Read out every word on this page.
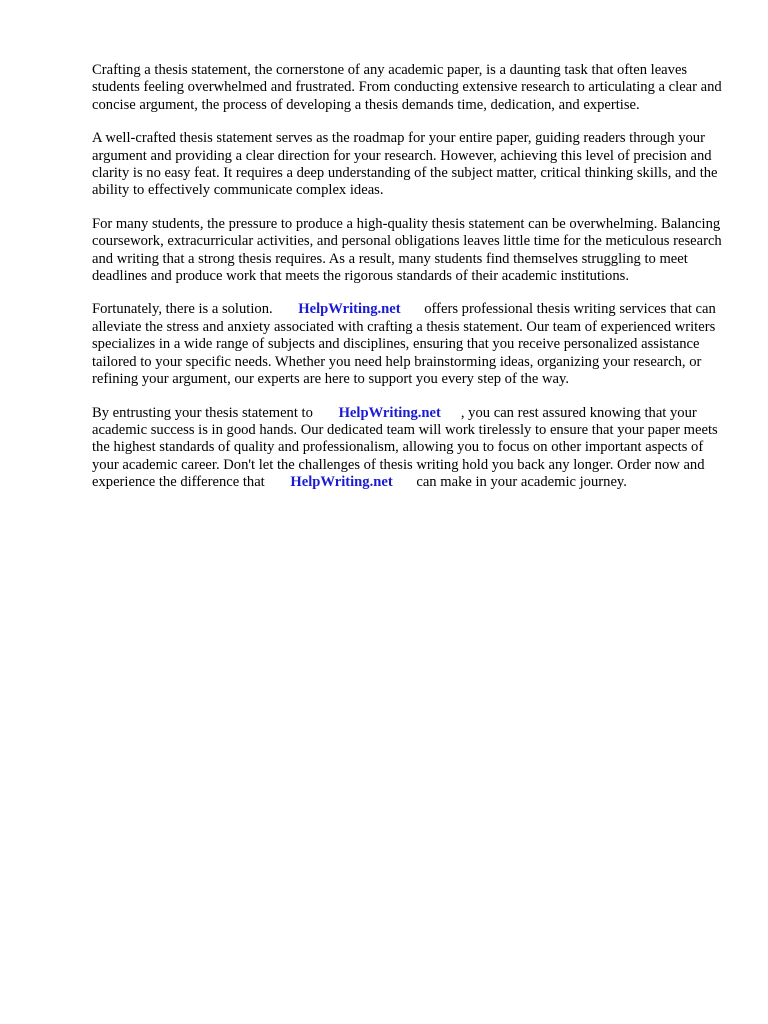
Crafting a thesis statement, the cornerstone of any academic paper, is a daunting task that often leaves students feeling overwhelmed and frustrated. From conducting extensive research to articulating a clear and concise argument, the process of developing a thesis demands time, dedication, and expertise.

A well-crafted thesis statement serves as the roadmap for your entire paper, guiding readers through your argument and providing a clear direction for your research. However, achieving this level of precision and clarity is no easy feat. It requires a deep understanding of the subject matter, critical thinking skills, and the ability to effectively communicate complex ideas.

For many students, the pressure to produce a high-quality thesis statement can be overwhelming. Balancing coursework, extracurricular activities, and personal obligations leaves little time for the meticulous research and writing that a strong thesis requires. As a result, many students find themselves struggling to meet deadlines and produce work that meets the rigorous standards of their academic institutions.

Fortunately, there is a solution. HelpWriting.net offers professional thesis writing services that can alleviate the stress and anxiety associated with crafting a thesis statement. Our team of experienced writers specializes in a wide range of subjects and disciplines, ensuring that you receive personalized assistance tailored to your specific needs. Whether you need help brainstorming ideas, organizing your research, or refining your argument, our experts are here to support you every step of the way.

By entrusting your thesis statement to HelpWriting.net , you can rest assured knowing that your academic success is in good hands. Our dedicated team will work tirelessly to ensure that your paper meets the highest standards of quality and professionalism, allowing you to focus on other important aspects of your academic career. Don't let the challenges of thesis writing hold you back any longer. Order now and experience the difference that HelpWriting.net can make in your academic journey.
